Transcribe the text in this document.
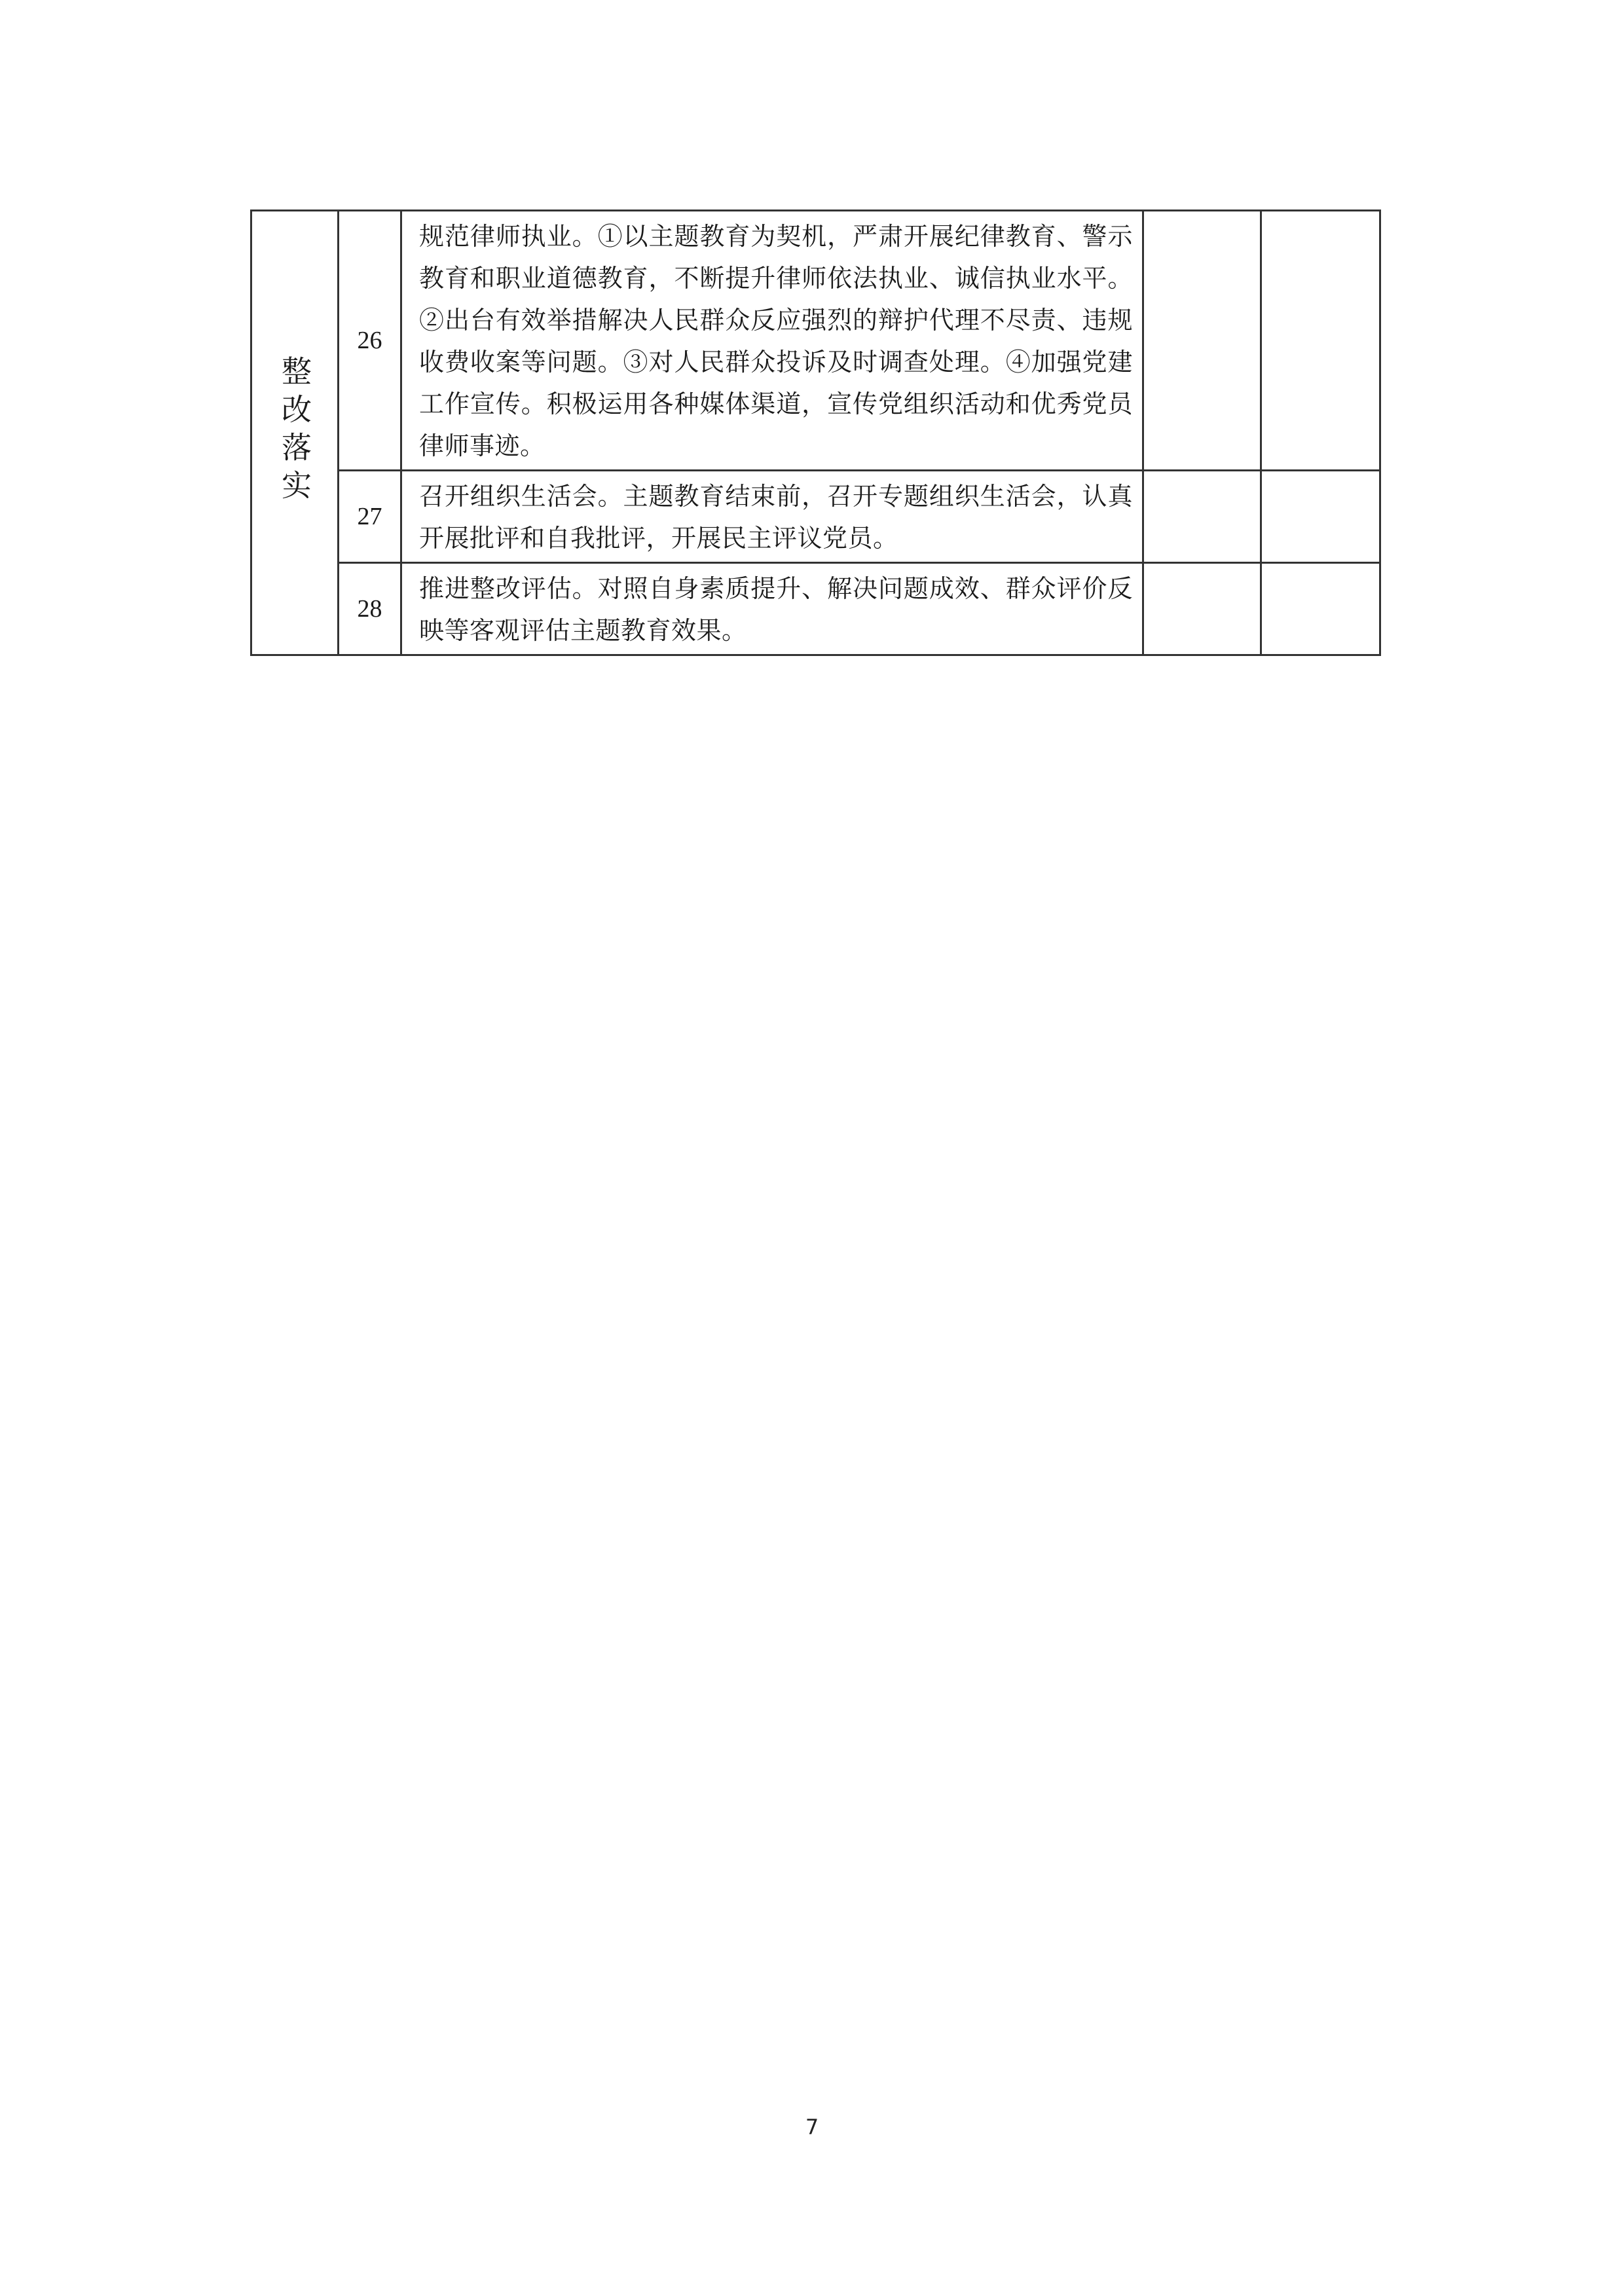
整改落实	26	规范律师执业。①以主题教育为契机，严肃开展纪律教育、警示教育和职业道德教育，不断提升律师依法执业、诚信执业水平。②出台有效举措解决人民群众反应强烈的辩护代理不尽责、违规收费收案等问题。③对人民群众投诉及时调查处理。④加强党建工作宣传。积极运用各种媒体渠道，宣传党组织活动和优秀党员律师事迹。		
	27	召开组织生活会。主题教育结束前，召开专题组织生活会，认真开展批评和自我批评，开展民主评议党员。		
	28	推进整改评估。对照自身素质提升、解决问题成效、群众评价反映等客观评估主题教育效果。		
7
